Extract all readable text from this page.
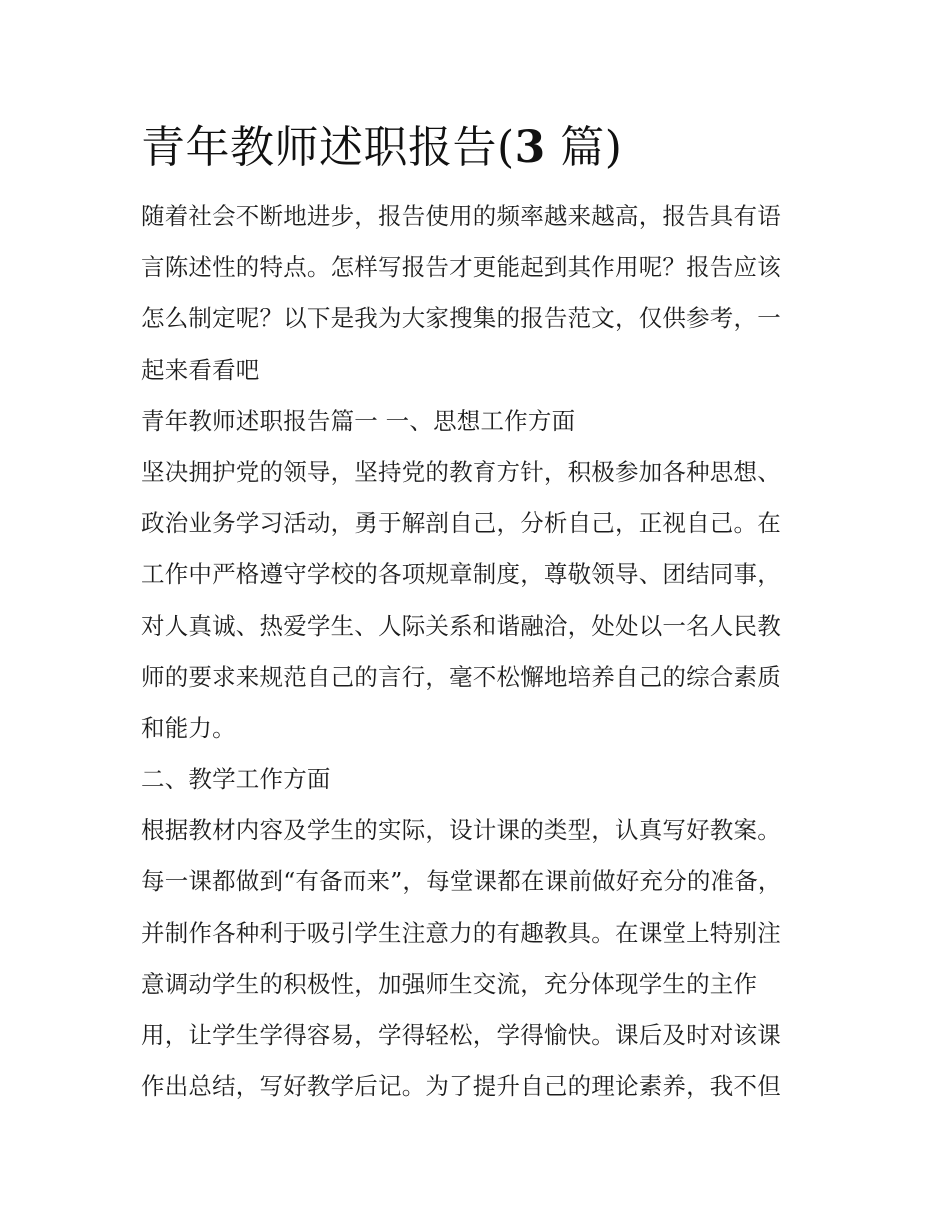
青年教师述职报告(3 篇)
随着社会不断地进步，报告使用的频率越来越高，报告具有语
言陈述性的特点。怎样写报告才更能起到其作用呢？报告应该
怎么制定呢？以下是我为大家搜集的报告范文，仅供参考，一
起来看看吧
青年教师述职报告篇一 一、思想工作方面
坚决拥护党的领导，坚持党的教育方针，积极参加各种思想、
政治业务学习活动，勇于解剖自己，分析自己，正视自己。在
工作中严格遵守学校的各项规章制度，尊敬领导、团结同事，
对人真诚、热爱学生、人际关系和谐融洽，处处以一名人民教
师的要求来规范自己的言行，毫不松懈地培养自己的综合素质
和能力。
二、教学工作方面
根据教材内容及学生的实际，设计课的类型，认真写好教案。
每一课都做到“有备而来”，每堂课都在课前做好充分的准备，
并制作各种利于吸引学生注意力的有趣教具。在课堂上特别注
意调动学生的积极性，加强师生交流，充分体现学生的主作
用，让学生学得容易，学得轻松，学得愉快。课后及时对该课
作出总结，写好教学后记。为了提升自己的理论素养，我不但
